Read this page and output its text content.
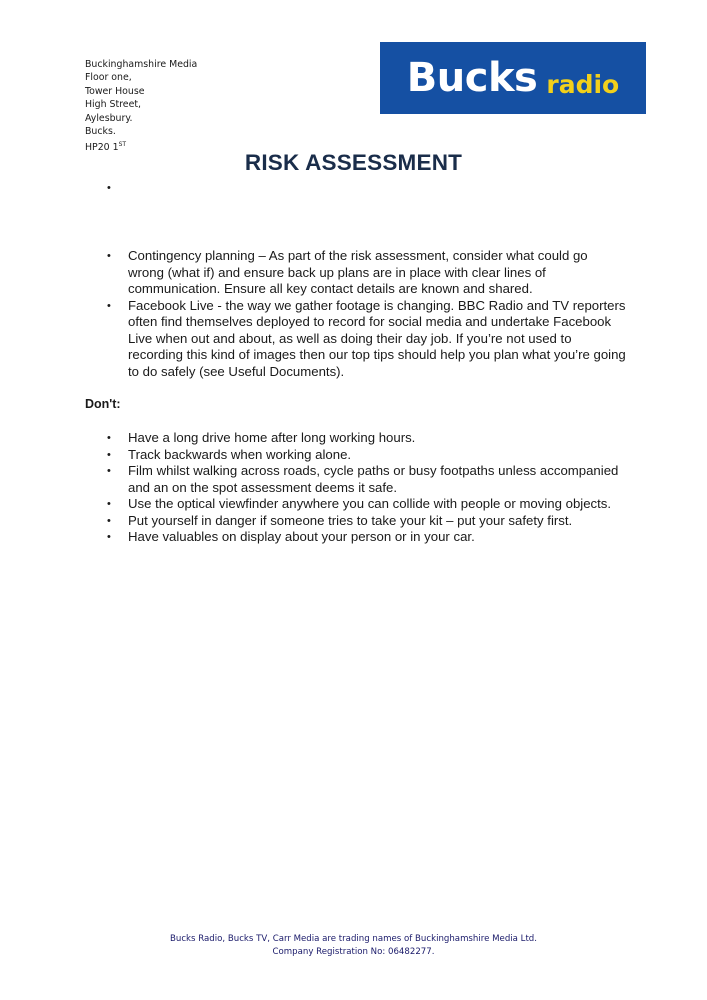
Buckinghamshire Media
Floor one,
Tower House
High Street,
Aylesbury.
Bucks.
HP20 1ST
Bucks radio
RISK ASSESSMENT
•

• Contingency planning – As part of the risk assessment, consider what could go wrong (what if) and ensure back up plans are in place with clear lines of communication. Ensure all key contact details are known and shared.
• Facebook Live - the way we gather footage is changing. BBC Radio and TV reporters often find themselves deployed to record for social media and undertake Facebook Live when out and about, as well as doing their day job. If you’re not used to recording this kind of images then our top tips should help you plan what you’re going to do safely (see Useful Documents).
Don't:
• Have a long drive home after long working hours.
• Track backwards when working alone.
• Film whilst walking across roads, cycle paths or busy footpaths unless accompanied and an on the spot assessment deems it safe.
• Use the optical viewfinder anywhere you can collide with people or moving objects.
• Put yourself in danger if someone tries to take your kit – put your safety first.
• Have valuables on display about your person or in your car.
Bucks Radio, Bucks TV, Carr Media are trading names of Buckinghamshire Media Ltd.
Company Registration No: 06482277.
